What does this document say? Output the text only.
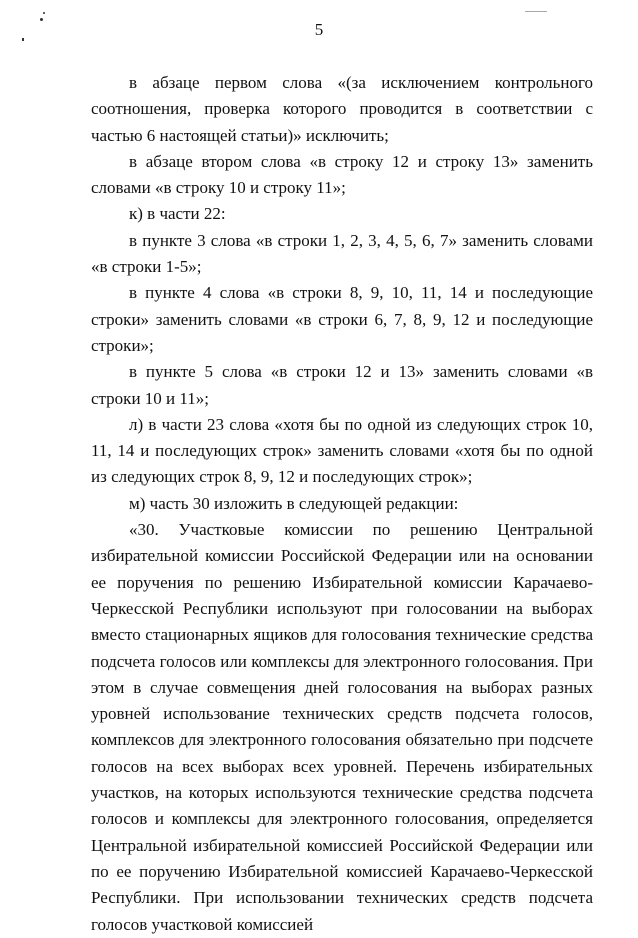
5

в абзаце первом слова «(за исключением контрольного соотношения, проверка которого проводится в соответствии с частью 6 настоящей статьи)» исключить;

в абзаце втором слова «в строку 12 и строку 13» заменить словами «в строку 10 и строку 11»;

к) в части 22:

в пункте 3 слова «в строки 1, 2, 3, 4, 5, 6, 7» заменить словами «в строки 1-5»;

в пункте 4 слова «в строки 8, 9, 10, 11, 14 и последующие строки» заменить словами «в строки 6, 7, 8, 9, 12 и последующие строки»;

в пункте 5 слова «в строки 12 и 13» заменить словами «в строки 10 и 11»;

л) в части 23 слова «хотя бы по одной из следующих строк 10, 11, 14 и последующих строк» заменить словами «хотя бы по одной из следующих строк 8, 9, 12 и последующих строк»;

м) часть 30 изложить в следующей редакции:

«30. Участковые комиссии по решению Центральной избирательной комиссии Российской Федерации или на основании ее поручения по решению Избирательной комиссии Карачаево-Черкесской Республики используют при голосовании на выборах вместо стационарных ящиков для голосования технические средства подсчета голосов или комплексы для электронного голосования. При этом в случае совмещения дней голосования на выборах разных уровней использование технических средств подсчета голосов, комплексов для электронного голосования обязательно при подсчете голосов на всех выборах всех уровней. Перечень избирательных участков, на которых используются технические средства подсчета голосов и комплексы для электронного голосования, определяется Центральной избирательной комиссией Российской Федерации или по ее поручению Избирательной комиссией Карачаево-Черкесской Республики. При использовании технических средств подсчета голосов участковой комиссией
